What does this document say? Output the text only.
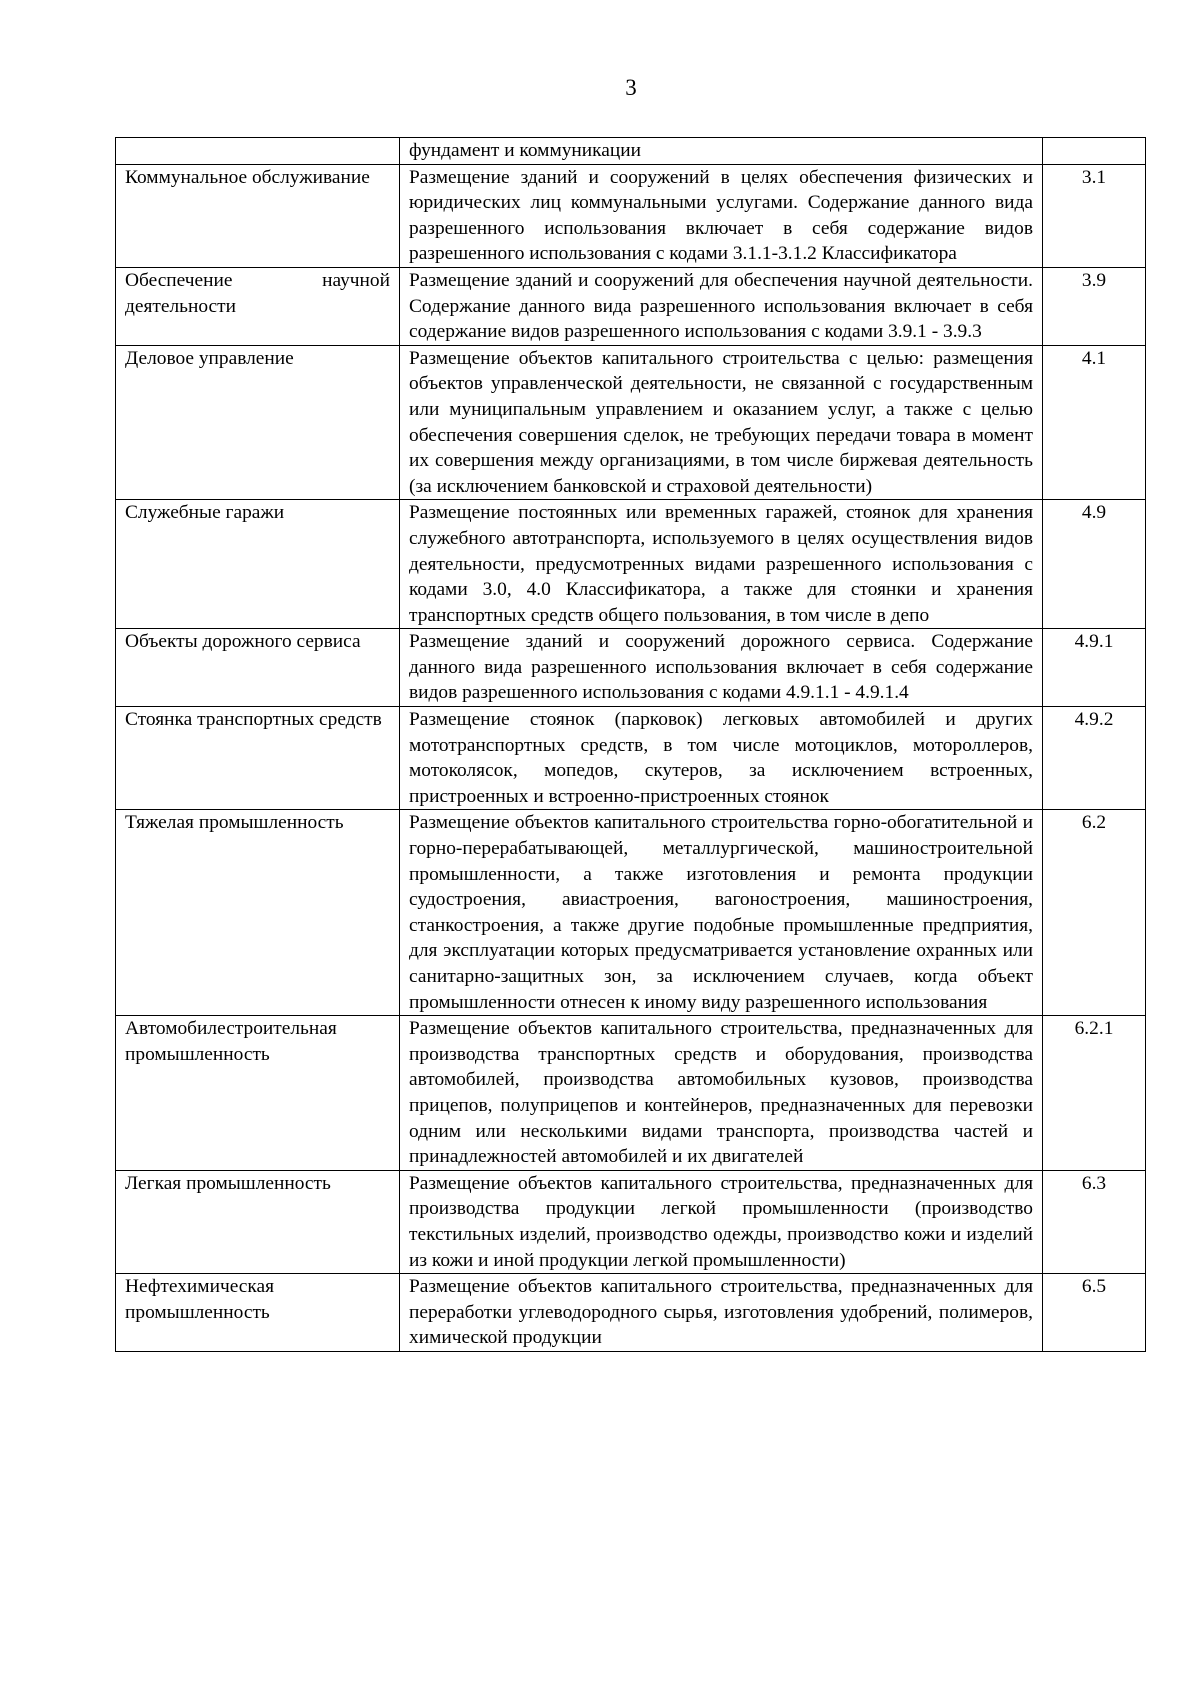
3
	фундамент и коммуникации	
Коммунальное обслуживание	Размещение зданий и сооружений в целях обеспечения физических и юридических лиц коммунальными услугами. Содержание данного вида разрешенного использования включает в себя содержание видов разрешенного использования с кодами 3.1.1-3.1.2 Классификатора	3.1
Обеспечение научной деятельности	Размещение зданий и сооружений для обеспечения научной деятельности. Содержание данного вида разрешенного использования включает в себя содержание видов разрешенного использования с кодами 3.9.1 - 3.9.3	3.9
Деловое управление	Размещение объектов капитального строительства с целью: размещения объектов управленческой деятельности, не связанной с государственным или муниципальным управлением и оказанием услуг, а также с целью обеспечения совершения сделок, не требующих передачи товара в момент их совершения между организациями, в том числе биржевая деятельность (за исключением банковской и страховой деятельности)	4.1
Служебные гаражи	Размещение постоянных или временных гаражей, стоянок для хранения служебного автотранспорта, используемого в целях осуществления видов деятельности, предусмотренных видами разрешенного использования с кодами 3.0, 4.0 Классификатора, а также для стоянки и хранения транспортных средств общего пользования, в том числе в депо	4.9
Объекты дорожного сервиса	Размещение зданий и сооружений дорожного сервиса. Содержание данного вида разрешенного использования включает в себя содержание видов разрешенного использования с кодами 4.9.1.1 - 4.9.1.4	4.9.1
Стоянка транспортных средств	Размещение стоянок (парковок) легковых автомобилей и других мототранспортных средств, в том числе мотоциклов, мотороллеров, мотоколясок, мопедов, скутеров, за исключением встроенных, пристроенных и встроенно-пристроенных стоянок	4.9.2
Тяжелая промышленность	Размещение объектов капитального строительства горно-обогатительной и горно-перерабатывающей, металлургической, машиностроительной промышленности, а также изготовления и ремонта продукции судостроения, авиастроения, вагоностроения, машиностроения, станкостроения, а также другие подобные промышленные предприятия, для эксплуатации которых предусматривается установление охранных или санитарно-защитных зон, за исключением случаев, когда объект промышленности отнесен к иному виду разрешенного использования	6.2
Автомобилестроительная промышленность	Размещение объектов капитального строительства, предназначенных для производства транспортных средств и оборудования, производства автомобилей, производства автомобильных кузовов, производства прицепов, полуприцепов и контейнеров, предназначенных для перевозки одним или несколькими видами транспорта, производства частей и принадлежностей автомобилей и их двигателей	6.2.1
Легкая промышленность	Размещение объектов капитального строительства, предназначенных для производства продукции легкой промышленности (производство текстильных изделий, производство одежды, производство кожи и изделий из кожи и иной продукции легкой промышленности)	6.3
Нефтехимическая промышленность	Размещение объектов капитального строительства, предназначенных для переработки углеводородного сырья, изготовления удобрений, полимеров, химической продукции	6.5
